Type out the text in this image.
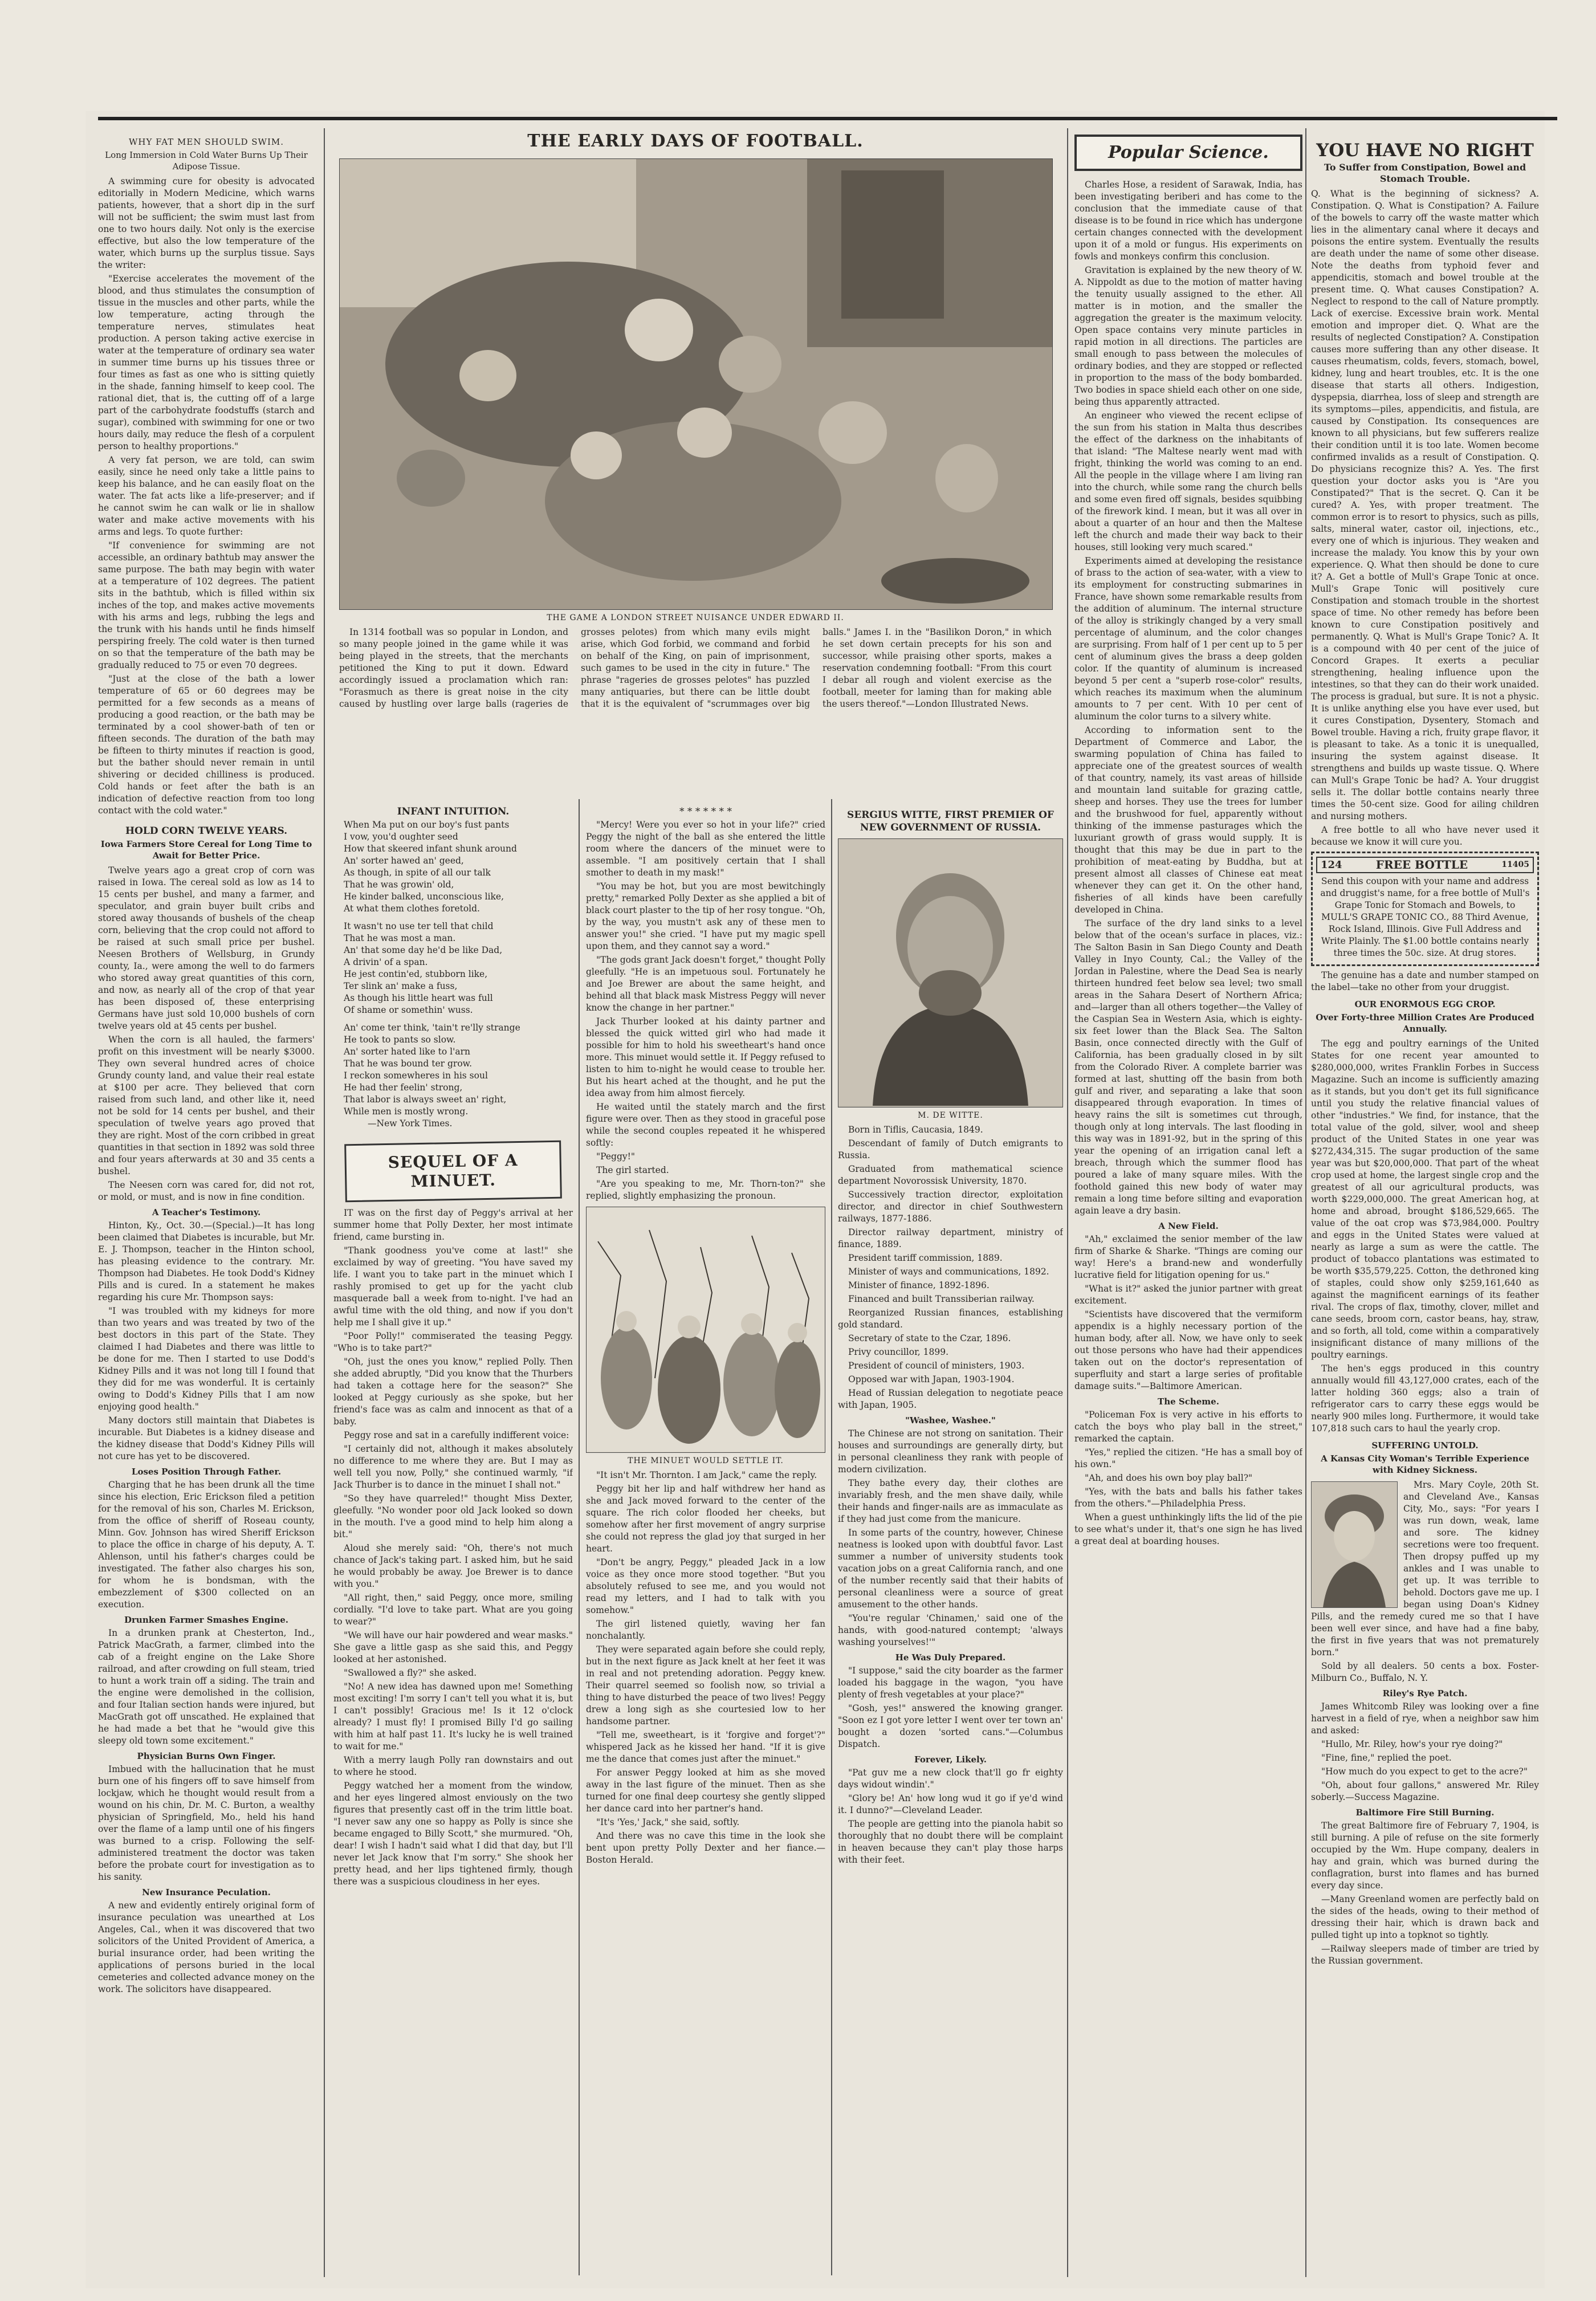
WHY FAT MEN SHOULD SWIM.
Long Immersion in Cold Water Burns Up Their Adipose Tissue.

A swimming cure for obesity is advocated editorially in Modern Medicine, which warns patients, however, that a short dip in the surf will not be sufficient; the swim must last from one to two hours daily. Not only is the exercise effective, but also the low temperature of the water, which burns up the surplus tissue. Says the writer:

"Exercise accelerates the movement of the blood, and thus stimulates the consumption of tissue in the muscles and other parts, while the low temperature, acting through the temperature nerves, stimulates heat production. A person taking active exercise in water at the temperature of ordinary sea water in summer time burns up his tissues three or four times as fast as one who is sitting quietly in the shade, fanning himself to keep cool. The rational diet, that is, the cutting off of a large part of the carbohydrate foodstuffs (starch and sugar), combined with swimming for one or two hours daily, may reduce the flesh of a corpulent person to healthy proportions."

A very fat person, we are told, can swim easily, since he need only take a little pains to keep his balance, and he can easily float on the water. The fat acts like a life-preserver; and if he cannot swim he can walk or lie in shallow water and make active movements with his arms and legs. To quote further:

"If convenience for swimming are not accessible, an ordinary bathtub may answer the same purpose. The bath may begin with water at a temperature of 102 degrees. The patient sits in the bathtub, which is filled within six inches of the top, and makes active movements with his arms and legs, rubbing the legs and the trunk with his hands until he finds himself perspiring freely. The cold water is then turned on so that the temperature of the bath may be gradually reduced to 75 or even 70 degrees.

"Just at the close of the bath a lower temperature of 65 or 60 degrees may be permitted for a few seconds as a means of producing a good reaction, or the bath may be terminated by a cool shower-bath of ten or fifteen seconds. The duration of the bath may be fifteen to thirty minutes if reaction is good, but the bather should never remain in until shivering or decided chilliness is produced. Cold hands or feet after the bath is an indication of defective reaction from too long contact with the cold water."

HOLD CORN TWELVE YEARS.
Iowa Farmers Store Cereal for Long Time to Await for Better Price.

Twelve years ago a great crop of corn was raised in Iowa. The cereal sold as low as 14 to 15 cents per bushel, and many a farmer, and speculator, and grain buyer built cribs and stored away thousands of bushels of the cheap corn, believing that the crop could not afford to be raised at such small price per bushel. Neesen Brothers of Wellsburg, in Grundy county, Ia., were among the well to do farmers who stored away great quantities of this corn, and now, as nearly all of the crop of that year has been disposed of, these enterprising Germans have just sold 10,000 bushels of corn twelve years old at 45 cents per bushel.

When the corn is all hauled, the farmers' profit on this investment will be nearly $3000. They own several hundred acres of choice Grundy county land, and value their real estate at $100 per acre. They believed that corn raised from such land, and other like it, need not be sold for 14 cents per bushel, and their speculation of twelve years ago proved that they are right. Most of the corn cribbed in great quantities in that section in 1892 was sold three and four years afterwards at 30 and 35 cents a bushel.

The Neesen corn was cared for, did not rot, or mold, or must, and is now in fine condition.

A Teacher's Testimony.

Hinton, Ky., Oct. 30.—(Special.)—It has long been claimed that Diabetes is incurable, but Mr. E. J. Thompson, teacher in the Hinton school, has pleasing evidence to the contrary. Mr. Thompson had Diabetes. He took Dodd's Kidney Pills and is cured. In a statement he makes regarding his cure Mr. Thompson says:

"I was troubled with my kidneys for more than two years and was treated by two of the best doctors in this part of the State. They claimed I had Diabetes and there was little to be done for me. Then I started to use Dodd's Kidney Pills and it was not long till I found that they did for me was wonderful. It is certainly owing to Dodd's Kidney Pills that I am now enjoying good health."

Many doctors still maintain that Diabetes is incurable. But Diabetes is a kidney disease and the kidney disease that Dodd's Kidney Pills will not cure has yet to be discovered.

Loses Position Through Father.

Charging that he has been drunk all the time since his election, Eric Erickson filed a petition for the removal of his son, Charles M. Erickson, from the office of sheriff of Roseau county, Minn. Gov. Johnson has wired Sheriff Erickson to place the office in charge of his deputy, A. T. Ahlenson, until his father's charges could be investigated. The father also charges his son, for whom he is bondsman, with the embezzlement of $300 collected on an execution.

Drunken Farmer Smashes Engine.

In a drunken prank at Chesterton, Ind., Patrick MacGrath, a farmer, climbed into the cab of a freight engine on the Lake Shore railroad, and after crowding on full steam, tried to hunt a work train off a siding. The train and the engine were demolished in the collision, and four Italian section hands were injured, but MacGrath got off unscathed. He explained that he had made a bet that he "would give this sleepy old town some excitement."

Physician Burns Own Finger.

Imbued with the hallucination that he must burn one of his fingers off to save himself from lockjaw, which he thought would result from a wound on his chin, Dr. M. C. Burton, a wealthy physician of Springfield, Mo., held his hand over the flame of a lamp until one of his fingers was burned to a crisp. Following the self-administered treatment the doctor was taken before the probate court for investigation as to his sanity.

New Insurance Peculation.

A new and evidently entirely original form of insurance peculation was unearthed at Los Angeles, Cal., when it was discovered that two solicitors of the United Provident of America, a burial insurance order, had been writing the applications of persons buried in the local cemeteries and collected advance money on the work. The solicitors have disappeared.

THE EARLY DAYS OF FOOTBALL.
THE GAME A LONDON STREET NUISANCE UNDER EDWARD II.

In 1314 football was so popular in London, and so many people joined in the game while it was being played in the streets, that the merchants petitioned the King to put it down. Edward accordingly issued a proclamation which ran: "Forasmuch as there is great noise in the city caused by hustling over large balls (rageries de grosses pelotes) from which many evils might arise, which God forbid, we command and forbid on behalf of the King, on pain of imprisonment, such games to be used in the city in future." The phrase "rageries de grosses pelotes" has puzzled many antiquaries, but there can be little doubt that it is the equivalent of "scrummages over big balls." James I. in the "Basilikon Doron," in which he set down certain precepts for his son and successor, while praising other sports, makes a reservation condemning football: "From this court I debar all rough and violent exercise as the football, meeter for laming than for making able the users thereof."—London Illustrated News.

INFANT INTUITION.
When Ma put on our boy's fust pants
I vow, you'd oughter seed
How that skeered infant shunk around
An' sorter hawed an' geed,
As though, in spite of all our talk
That he was growin' old,
He kinder balked, unconscious like,
At what them clothes foretold.
It wasn't no use ter tell that child
That he was most a man.
An' that some day he'd be like Dad,
A drivin' of a span.
He jest contin'ed, stubborn like,
Ter slink an' make a fuss,
As though his little heart was full
Of shame or somethin' wuss.
An' come ter think, 'tain't re'lly strange
He took to pants so slow.
An' sorter hated like to l'arn
That he was bound ter grow.
I reckon somewheres in his soul
He had ther feelin' strong,
That labor is always sweet an' right,
While men is mostly wrong.
—New York Times.
SEQUEL OF A MINUET.

IT was on the first day of Peggy's arrival at her summer home that Polly Dexter, her most intimate friend, came bursting in.

"Thank goodness you've come at last!" she exclaimed by way of greeting. "You have saved my life. I want you to take part in the minuet which I rashly promised to get up for the yacht club masquerade ball a week from to-night. I've had an awful time with the old thing, and now if you don't help me I shall give it up."

"Poor Polly!" commiserated the teasing Peggy. "Who is to take part?"

"Oh, just the ones you know," replied Polly. Then she added abruptly, "Did you know that the Thurbers had taken a cottage here for the season?" She looked at Peggy curiously as she spoke, but her friend's face was as calm and innocent as that of a baby.

Peggy rose and sat in a carefully indifferent voice:

"I certainly did not, although it makes absolutely no difference to me where they are. But I may as well tell you now, Polly," she continued warmly, "if Jack Thurber is to dance in the minuet I shall not."

"So they have quarreled!" thought Miss Dexter, gleefully. "No wonder poor old Jack looked so down in the mouth. I've a good mind to help him along a bit."

Aloud she merely said: "Oh, there's not much chance of Jack's taking part. I asked him, but he said he would probably be away. Joe Brewer is to dance with you."

"All right, then," said Peggy, once more, smiling cordially. "I'd love to take part. What are you going to wear?"

"We will have our hair powdered and wear masks." She gave a little gasp as she said this, and Peggy looked at her astonished.

"Swallowed a fly?" she asked.

"No! A new idea has dawned upon me! Something most exciting! I'm sorry I can't tell you what it is, but I can't possibly! Gracious me! Is it 12 o'clock already? I must fly! I promised Billy I'd go sailing with him at half past 11. It's lucky he is well trained to wait for me."

With a merry laugh Polly ran downstairs and out to where he stood.

Peggy watched her a moment from the window, and her eyes lingered almost enviously on the two figures that presently cast off in the trim little boat. "I never saw any one so happy as Polly is since she became engaged to Billy Scott," she murmured. "Oh, dear! I wish I hadn't said what I did that day, but I'll never let Jack know that I'm sorry." She shook her pretty head, and her lips tightened firmly, though there was a suspicious cloudiness in her eyes.

* * * * * * *

"Mercy! Were you ever so hot in your life?" cried Peggy the night of the ball as she entered the little room where the dancers of the minuet were to assemble. "I am positively certain that I shall smother to death in my mask!"

"You may be hot, but you are most bewitchingly pretty," remarked Polly Dexter as she applied a bit of black court plaster to the tip of her rosy tongue. "Oh, by the way, you mustn't ask any of these men to answer you!" she cried. "I have put my magic spell upon them, and they cannot say a word."

"The gods grant Jack doesn't forget," thought Polly gleefully. "He is an impetuous soul. Fortunately he and Joe Brewer are about the same height, and behind all that black mask Mistress Peggy will never know the change in her partner."

Jack Thurber looked at his dainty partner and blessed the quick witted girl who had made it possible for him to hold his sweetheart's hand once more. This minuet would settle it. If Peggy refused to listen to him to-night he would cease to trouble her. But his heart ached at the thought, and he put the idea away from him almost fiercely.

He waited until the stately march and the first figure were over. Then as they stood in graceful pose while the second couples repeated it he whispered softly:

"Peggy!"

The girl started.

"Are you speaking to me, Mr. Thorn-ton?" she replied, slightly emphasizing the pronoun.

THE MINUET WOULD SETTLE IT.

"It isn't Mr. Thornton. I am Jack," came the reply.

Peggy bit her lip and half withdrew her hand as she and Jack moved forward to the center of the square. The rich color flooded her cheeks, but somehow after her first movement of angry surprise she could not repress the glad joy that surged in her heart.

"Don't be angry, Peggy," pleaded Jack in a low voice as they once more stood together. "But you absolutely refused to see me, and you would not read my letters, and I had to talk with you somehow."

The girl listened quietly, waving her fan nonchalantly.

They were separated again before she could reply, but in the next figure as Jack knelt at her feet it was in real and not pretending adoration. Peggy knew. Their quarrel seemed so foolish now, so trivial a thing to have disturbed the peace of two lives! Peggy drew a long sigh as she courtesied low to her handsome partner.

"Tell me, sweetheart, is it 'forgive and forget'?" whispered Jack as he kissed her hand. "If it is give me the dance that comes just after the minuet."

For answer Peggy looked at him as she moved away in the last figure of the minuet. Then as she turned for one final deep courtesy she gently slipped her dance card into her partner's hand.

"It's 'Yes,' Jack," she said, softly.

And there was no cave this time in the look she bent upon pretty Polly Dexter and her fiance.—Boston Herald.

SERGIUS WITTE, FIRST PREMIER OF NEW GOVERNMENT OF RUSSIA.
M. DE WITTE.

Born in Tiflis, Caucasia, 1849.

Descendant of family of Dutch emigrants to Russia.

Graduated from mathematical science department Novorossisk University, 1870.

Successively traction director, exploitation director, and director in chief Southwestern railways, 1877-1886.

Director railway department, ministry of finance, 1889.

President tariff commission, 1889.

Minister of ways and communications, 1892.

Minister of finance, 1892-1896.

Financed and built Transsiberian railway.

Reorganized Russian finances, establishing gold standard.

Secretary of state to the Czar, 1896.

Privy councillor, 1899.

President of council of ministers, 1903.

Opposed war with Japan, 1903-1904.

Head of Russian delegation to negotiate peace with Japan, 1905.

"Washee, Washee."

The Chinese are not strong on sanitation. Their houses and surroundings are generally dirty, but in personal cleanliness they rank with people of modern civilization.

They bathe every day, their clothes are invariably fresh, and the men shave daily, while their hands and finger-nails are as immaculate as if they had just come from the manicure.

In some parts of the country, however, Chinese neatness is looked upon with doubtful favor. Last summer a number of university students took vacation jobs on a great California ranch, and one of the number recently said that their habits of personal cleanliness were a source of great amusement to the other hands.

"You're regular 'Chinamen,' said one of the hands, with good-natured contempt; 'always washing yourselves!'"

He Was Duly Prepared.

"I suppose," said the city boarder as the farmer loaded his baggage in the wagon, "you have plenty of fresh vegetables at your place?"

"Gosh, yes!" answered the knowing granger. "Soon ez I got yore letter I went over ter town an' bought a dozen 'sorted cans."—Columbus Dispatch.

Forever, Likely.

"Pat guv me a new clock that'll go fr eighty days widout windin'."

"Glory be! An' how long wud it go if ye'd wind it. I dunno?"—Cleveland Leader.

The people are getting into the pianola habit so thoroughly that no doubt there will be complaint in heaven because they can't play those harps with their feet.

Popular Science.

Charles Hose, a resident of Sarawak, India, has been investigating beriberi and has come to the conclusion that the immediate cause of that disease is to be found in rice which has undergone certain changes connected with the development upon it of a mold or fungus. His experiments on fowls and monkeys confirm this conclusion.

Gravitation is explained by the new theory of W. A. Nippoldt as due to the motion of matter having the tenuity usually assigned to the ether. All matter is in motion, and the smaller the aggregation the greater is the maximum velocity. Open space contains very minute particles in rapid motion in all directions. The particles are small enough to pass between the molecules of ordinary bodies, and they are stopped or reflected in proportion to the mass of the body bombarded. Two bodies in space shield each other on one side, being thus apparently attracted.

An engineer who viewed the recent eclipse of the sun from his station in Malta thus describes the effect of the darkness on the inhabitants of that island: "The Maltese nearly went mad with fright, thinking the world was coming to an end. All the people in the village where I am living ran into the church, while some rang the church bells and some even fired off signals, besides squibbing of the firework kind. I mean, but it was all over in about a quarter of an hour and then the Maltese left the church and made their way back to their houses, still looking very much scared."

Experiments aimed at developing the resistance of brass to the action of sea-water, with a view to its employment for constructing submarines in France, have shown some remarkable results from the addition of aluminum. The internal structure of the alloy is strikingly changed by a very small percentage of aluminum, and the color changes are surprising. From half of 1 per cent up to 5 per cent of aluminum gives the brass a deep golden color. If the quantity of aluminum is increased beyond 5 per cent a "superb rose-color" results, which reaches its maximum when the aluminum amounts to 7 per cent. With 10 per cent of aluminum the color turns to a silvery white.

According to information sent to the Department of Commerce and Labor, the swarming population of China has failed to appreciate one of the greatest sources of wealth of that country, namely, its vast areas of hillside and mountain land suitable for grazing cattle, sheep and horses. They use the trees for lumber and the brushwood for fuel, apparently without thinking of the immense pasturages which the luxuriant growth of grass would supply. It is thought that this may be due in part to the prohibition of meat-eating by Buddha, but at present almost all classes of Chinese eat meat whenever they can get it. On the other hand, fisheries of all kinds have been carefully developed in China.

The surface of the dry land sinks to a level below that of the ocean's surface in places, viz.: The Salton Basin in San Diego County and Death Valley in Inyo County, Cal.; the Valley of the Jordan in Palestine, where the Dead Sea is nearly thirteen hundred feet below sea level; two small areas in the Sahara Desert of Northern Africa; and—larger than all others together—the Valley of the Caspian Sea in Western Asia, which is eighty-six feet lower than the Black Sea. The Salton Basin, once connected directly with the Gulf of California, has been gradually closed in by silt from the Colorado River. A complete barrier was formed at last, shutting off the basin from both gulf and river, and separating a lake that soon disappeared through evaporation. In times of heavy rains the silt is sometimes cut through, though only at long intervals. The last flooding in this way was in 1891-92, but in the spring of this year the opening of an irrigation canal left a breach, through which the summer flood has poured a lake of many square miles. With the foothold gained this new body of water may remain a long time before silting and evaporation again leave a dry basin.

A New Field.

"Ah," exclaimed the senior member of the law firm of Sharke & Sharke. "Things are coming our way! Here's a brand-new and wonderfully lucrative field for litigation opening for us."

"What is it?" asked the junior partner with great excitement.

"Scientists have discovered that the vermiform appendix is a highly necessary portion of the human body, after all. Now, we have only to seek out those persons who have had their appendices taken out on the doctor's representation of superfluity and start a large series of profitable damage suits."—Baltimore American.

The Scheme.

"Policeman Fox is very active in his efforts to catch the boys who play ball in the street," remarked the captain.

"Yes," replied the citizen. "He has a small boy of his own."

"Ah, and does his own boy play ball?"

"Yes, with the bats and balls his father takes from the others."—Philadelphia Press.

When a guest unthinkingly lifts the lid of the pie to see what's under it, that's one sign he has lived a great deal at boarding houses.

YOU HAVE NO RIGHT
To Suffer from Constipation, Bowel and Stomach Trouble.

Q. What is the beginning of sickness? A. Constipation. Q. What is Constipation? A. Failure of the bowels to carry off the waste matter which lies in the alimentary canal where it decays and poisons the entire system. Eventually the results are death under the name of some other disease. Note the deaths from typhoid fever and appendicitis, stomach and bowel trouble at the present time. Q. What causes Constipation? A. Neglect to respond to the call of Nature promptly. Lack of exercise. Excessive brain work. Mental emotion and improper diet. Q. What are the results of neglected Constipation? A. Constipation causes more suffering than any other disease. It causes rheumatism, colds, fevers, stomach, bowel, kidney, lung and heart troubles, etc. It is the one disease that starts all others. Indigestion, dyspepsia, diarrhea, loss of sleep and strength are its symptoms—piles, appendicitis, and fistula, are caused by Constipation. Its consequences are known to all physicians, but few sufferers realize their condition until it is too late. Women become confirmed invalids as a result of Constipation. Q. Do physicians recognize this? A. Yes. The first question your doctor asks you is "Are you Constipated?" That is the secret. Q. Can it be cured? A. Yes, with proper treatment. The common error is to resort to physics, such as pills, salts, mineral water, castor oil, injections, etc., every one of which is injurious. They weaken and increase the malady. You know this by your own experience. Q. What then should be done to cure it? A. Get a bottle of Mull's Grape Tonic at once. Mull's Grape Tonic will positively cure Constipation and stomach trouble in the shortest space of time. No other remedy has before been known to cure Constipation positively and permanently. Q. What is Mull's Grape Tonic? A. It is a compound with 40 per cent of the juice of Concord Grapes. It exerts a peculiar strengthening, healing influence upon the intestines, so that they can do their work unaided. The process is gradual, but sure. It is not a physic. It is unlike anything else you have ever used, but it cures Constipation, Dysentery, Stomach and Bowel trouble. Having a rich, fruity grape flavor, it is pleasant to take. As a tonic it is unequalled, insuring the system against disease. It strengthens and builds up waste tissue. Q. Where can Mull's Grape Tonic be had? A. Your druggist sells it. The dollar bottle contains nearly three times the 50-cent size. Good for ailing children and nursing mothers.

A free bottle to all who have never used it because we know it will cure you.

124	FREE BOTTLE	11405

Send this coupon with your name and address and druggist's name, for a free bottle of Mull's Grape Tonic for Stomach and Bowels, to MULL'S GRAPE TONIC CO., 88 Third Avenue, Rock Island, Illinois. Give Full Address and Write Plainly. The $1.00 bottle contains nearly three times the 50c. size. At drug stores.

The genuine has a date and number stamped on the label—take no other from your druggist.

OUR ENORMOUS EGG CROP.
Over Forty-three Million Crates Are Produced Annually.

The egg and poultry earnings of the United States for one recent year amounted to $280,000,000, writes Franklin Forbes in Success Magazine. Such an income is sufficiently amazing as it stands, but you don't get its full significance until you study the relative financial values of other "industries." We find, for instance, that the total value of the gold, silver, wool and sheep product of the United States in one year was $272,434,315. The sugar production of the same year was but $20,000,000. That part of the wheat crop used at home, the largest single crop and the greatest of all our agricultural products, was worth $229,000,000. The great American hog, at home and abroad, brought $186,529,665. The value of the oat crop was $73,984,000. Poultry and eggs in the United States were valued at nearly as large a sum as were the cattle. The product of tobacco plantations was estimated to be worth $35,579,225. Cotton, the dethroned king of staples, could show only $259,161,640 as against the magnificent earnings of its feather rival. The crops of flax, timothy, clover, millet and cane seeds, broom corn, castor beans, hay, straw, and so forth, all told, come within a comparatively insignificant distance of many millions of the poultry earnings.

The hen's eggs produced in this country annually would fill 43,127,000 crates, each of the latter holding 360 eggs; also a train of refrigerator cars to carry these eggs would be nearly 900 miles long. Furthermore, it would take 107,818 such cars to haul the yearly crop.

SUFFERING UNTOLD.
A Kansas City Woman's Terrible Experience with Kidney Sickness.

Mrs. Mary Coyle, 20th St. and Cleveland Ave., Kansas City, Mo., says: "For years I was run down, weak, lame and sore. The kidney secretions were too frequent. Then dropsy puffed up my ankles and I was unable to get up. It was terrible to behold. Doctors gave me up. I began using Doan's Kidney Pills, and the remedy cured me so that I have been well ever since, and have had a fine baby, the first in five years that was not prematurely born."

Sold by all dealers. 50 cents a box. Foster-Milburn Co., Buffalo, N. Y.

Riley's Rye Patch.

James Whitcomb Riley was looking over a fine harvest in a field of rye, when a neighbor saw him and asked:

"Hullo, Mr. Riley, how's your rye doing?"

"Fine, fine," replied the poet.

"How much do you expect to get to the acre?"

"Oh, about four gallons," answered Mr. Riley soberly.—Success Magazine.

Baltimore Fire Still Burning.

The great Baltimore fire of February 7, 1904, is still burning. A pile of refuse on the site formerly occupied by the Wm. Hupe company, dealers in hay and grain, which was burned during the conflagration, burst into flames and has burned every day since.

—Many Greenland women are perfectly bald on the sides of the heads, owing to their method of dressing their hair, which is drawn back and pulled tight up into a topknot so tightly.

—Railway sleepers made of timber are tried by the Russian government.
